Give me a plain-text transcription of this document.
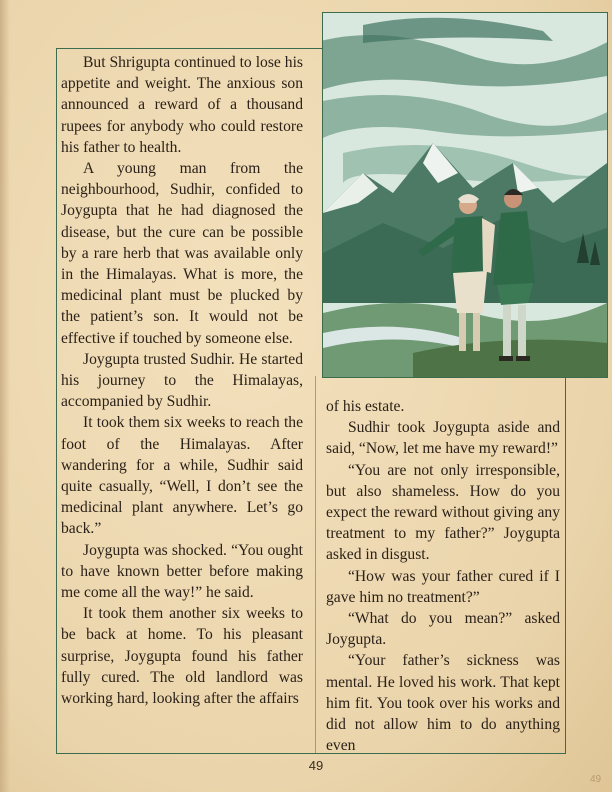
But Shrigupta continued to lose his appetite and weight. The anxious son announced a reward of a thousand rupees for anybody who could restore his father to health.

A young man from the neighbourhood, Sudhir, confided to Joygupta that he had diagnosed the disease, but the cure can be possible by a rare herb that was available only in the Himalayas. What is more, the medicinal plant must be plucked by the patient’s son. It would not be effective if touched by someone else.

Joygupta trusted Sudhir. He started his journey to the Himalayas, accompanied by Sudhir.

It took them six weeks to reach the foot of the Himalayas. After wandering for a while, Sudhir said quite casually, “Well, I don’t see the medicinal plant anywhere. Let’s go back.”

Joygupta was shocked. “You ought to have known better before making me come all the way!” he said.

It took them another six weeks to be back at home. To his pleasant surprise, Joygupta found his father fully cured. The old landlord was working hard, looking after the affairs

of his estate.

Sudhir took Joygupta aside and said, “Now, let me have my reward!”

“You are not only irresponsible, but also shameless. How do you expect the reward without giving any treatment to my father?” Joygupta asked in disgust.

“How was your father cured if I gave him no treatment?”

“What do you mean?” asked Joygupta.

“Your father’s sickness was mental. He loved his work. That kept him fit. You took over his works and did not allow him to do anything even

49
49
